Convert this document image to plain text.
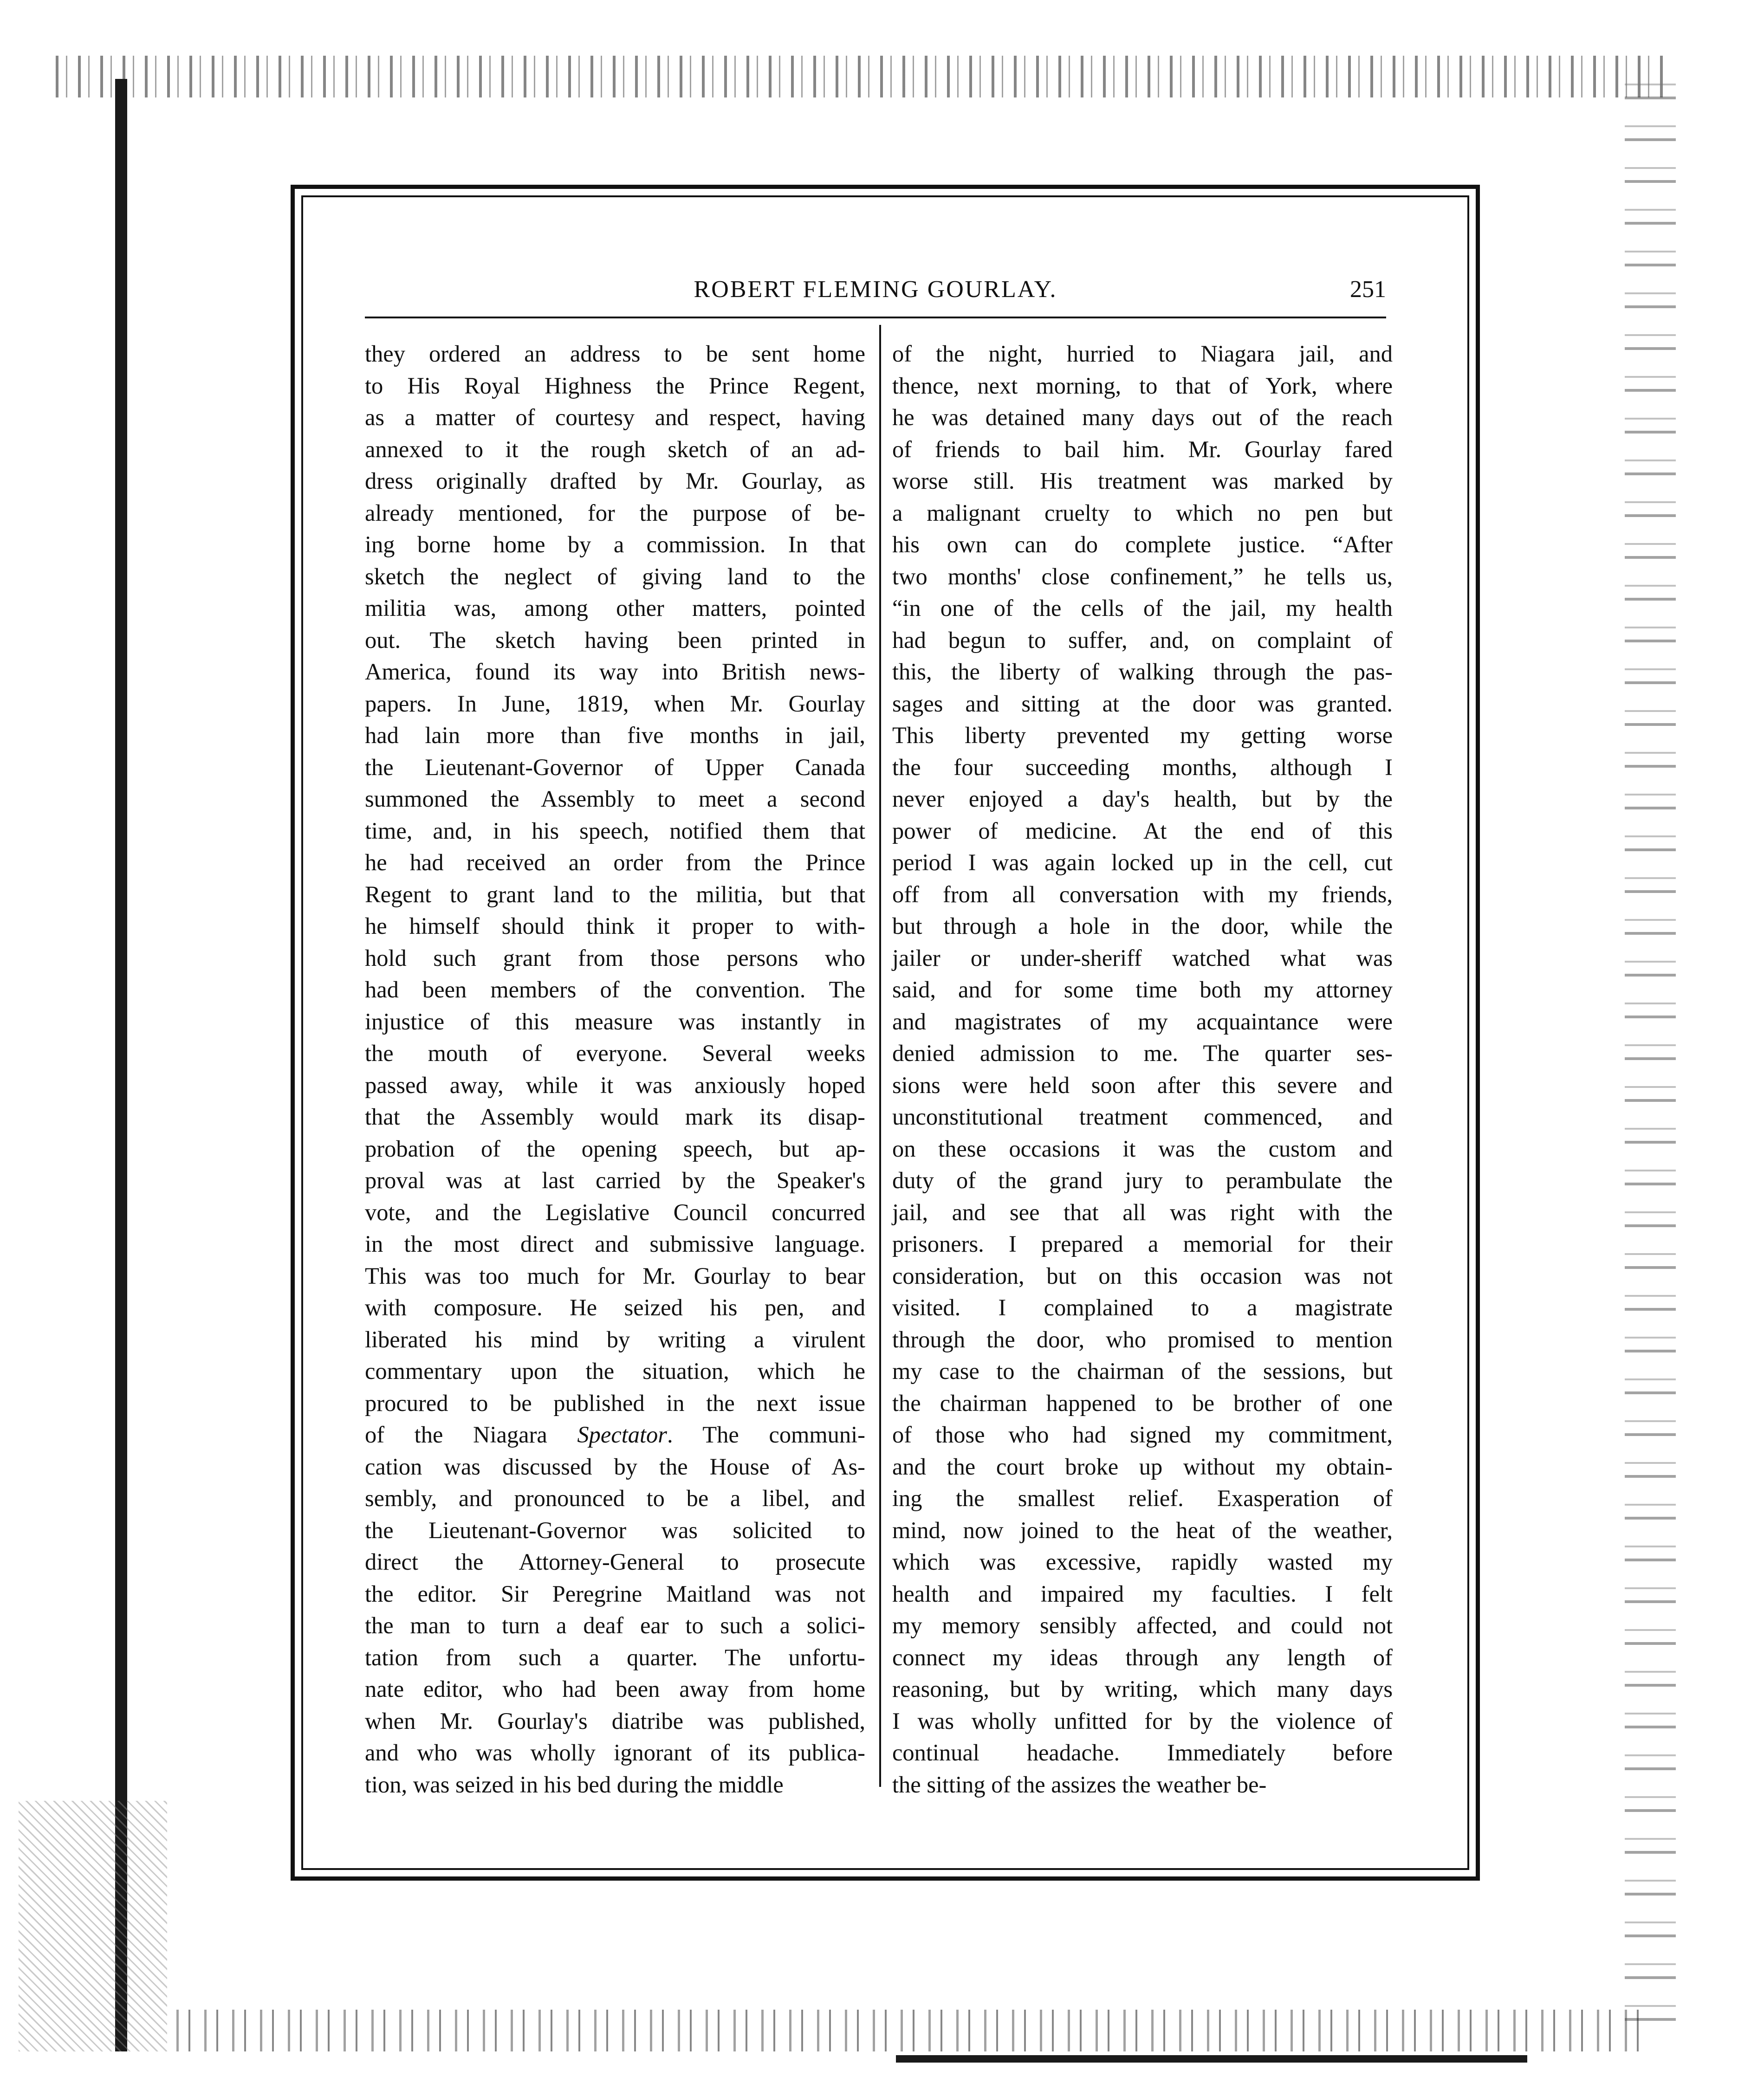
ROBERT FLEMING GOURLAY.	251
they ordered an address to be sent home
to His Royal Highness the Prince Regent,
as a matter of courtesy and respect, having
annexed to it the rough sketch of an ad-
dress originally drafted by Mr. Gourlay, as
already mentioned, for the purpose of be-
ing borne home by a commission. In that
sketch the neglect of giving land to the
militia was, among other matters, pointed
out. The sketch having been printed in
America, found its way into British news-
papers. In June, 1819, when Mr. Gourlay
had lain more than five months in jail,
the Lieutenant-Governor of Upper Canada
summoned the Assembly to meet a second
time, and, in his speech, notified them that
he had received an order from the Prince
Regent to grant land to the militia, but that
he himself should think it proper to with-
hold such grant from those persons who
had been members of the convention. The
injustice of this measure was instantly in
the mouth of everyone. Several weeks
passed away, while it was anxiously hoped
that the Assembly would mark its disap-
probation of the opening speech, but ap-
proval was at last carried by the Speaker's
vote, and the Legislative Council concurred
in the most direct and submissive language.
This was too much for Mr. Gourlay to bear
with composure. He seized his pen, and
liberated his mind by writing a virulent
commentary upon the situation, which he
procured to be published in the next issue
of the Niagara Spectator. The communi-
cation was discussed by the House of As-
sembly, and pronounced to be a libel, and
the Lieutenant-Governor was solicited to
direct the Attorney-General to prosecute
the editor. Sir Peregrine Maitland was not
the man to turn a deaf ear to such a solici-
tation from such a quarter. The unfortu-
nate editor, who had been away from home
when Mr. Gourlay's diatribe was published,
and who was wholly ignorant of its publica-
tion, was seized in his bed during the middle
of the night, hurried to Niagara jail, and
thence, next morning, to that of York, where
he was detained many days out of the reach
of friends to bail him. Mr. Gourlay fared
worse still. His treatment was marked by
a malignant cruelty to which no pen but
his own can do complete justice. “After
two months' close confinement,” he tells us,
“in one of the cells of the jail, my health
had begun to suffer, and, on complaint of
this, the liberty of walking through the pas-
sages and sitting at the door was granted.
This liberty prevented my getting worse
the four succeeding months, although I
never enjoyed a day's health, but by the
power of medicine. At the end of this
period I was again locked up in the cell, cut
off from all conversation with my friends,
but through a hole in the door, while the
jailer or under-sheriff watched what was
said, and for some time both my attorney
and magistrates of my acquaintance were
denied admission to me. The quarter ses-
sions were held soon after this severe and
unconstitutional treatment commenced, and
on these occasions it was the custom and
duty of the grand jury to perambulate the
jail, and see that all was right with the
prisoners. I prepared a memorial for their
consideration, but on this occasion was not
visited. I complained to a magistrate
through the door, who promised to mention
my case to the chairman of the sessions, but
the chairman happened to be brother of one
of those who had signed my commitment,
and the court broke up without my obtain-
ing the smallest relief. Exasperation of
mind, now joined to the heat of the weather,
which was excessive, rapidly wasted my
health and impaired my faculties. I felt
my memory sensibly affected, and could not
connect my ideas through any length of
reasoning, but by writing, which many days
I was wholly unfitted for by the violence of
continual headache. Immediately before
the sitting of the assizes the weather be-
